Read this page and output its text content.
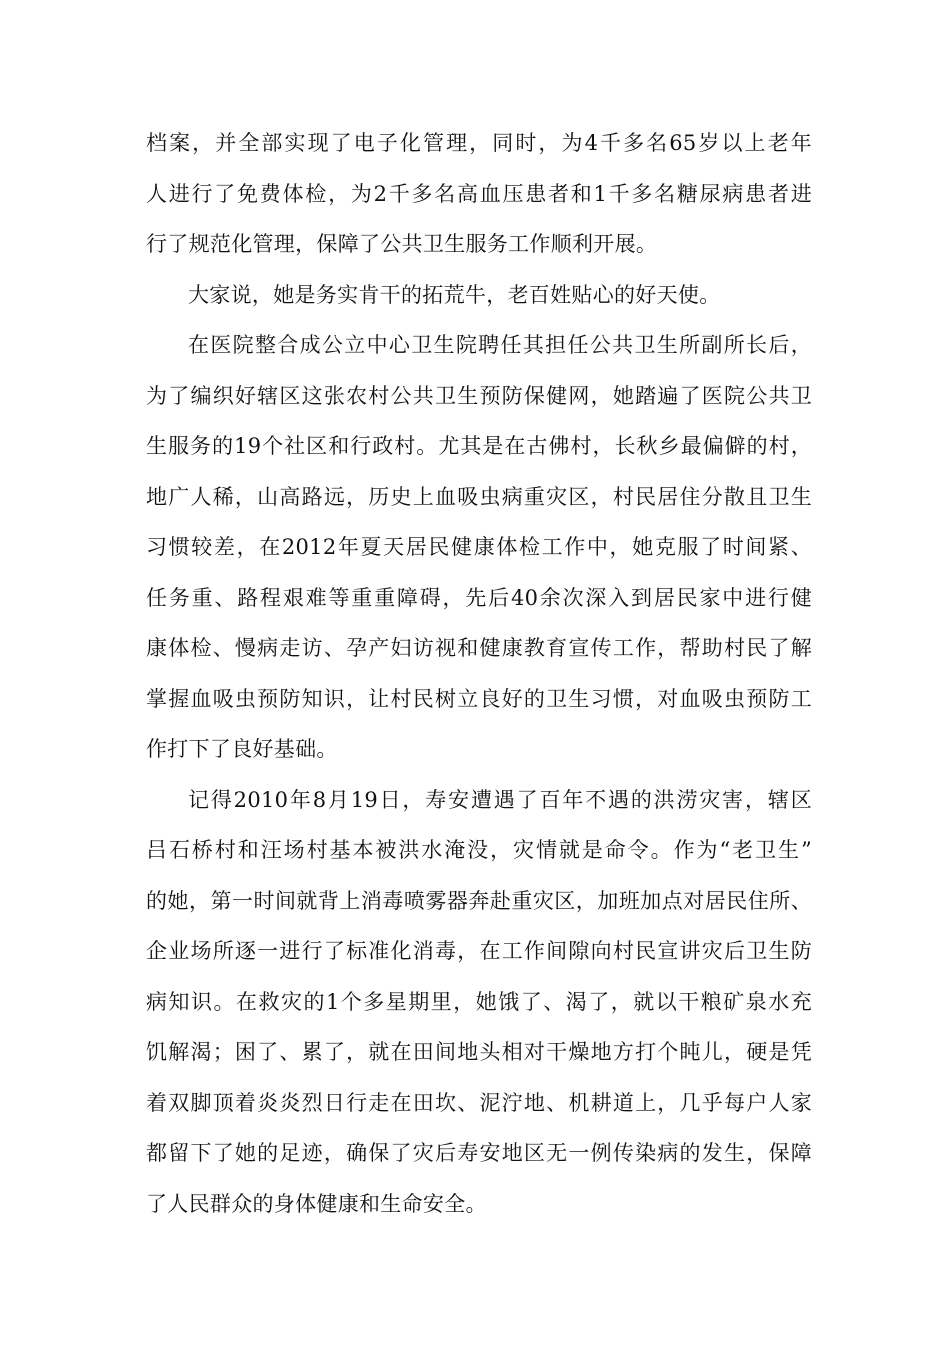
档案，并全部实现了电子化管理，同时，为4千多名65岁以上老年
人进行了免费体检，为2千多名高血压患者和1千多名糖尿病患者进
行了规范化管理，保障了公共卫生服务工作顺利开展。
大家说，她是务实肯干的拓荒牛，老百姓贴心的好天使。
在医院整合成公立中心卫生院聘任其担任公共卫生所副所长后，
为了编织好辖区这张农村公共卫生预防保健网，她踏遍了医院公共卫
生服务的19个社区和行政村。尤其是在古佛村，长秋乡最偏僻的村，
地广人稀，山高路远，历史上血吸虫病重灾区，村民居住分散且卫生
习惯较差，在2012年夏天居民健康体检工作中，她克服了时间紧、
任务重、路程艰难等重重障碍，先后40余次深入到居民家中进行健
康体检、慢病走访、孕产妇访视和健康教育宣传工作，帮助村民了解
掌握血吸虫预防知识，让村民树立良好的卫生习惯，对血吸虫预防工
作打下了良好基础。
记得2010年8月19日，寿安遭遇了百年不遇的洪涝灾害，辖区
吕石桥村和汪场村基本被洪水淹没，灾情就是命令。作为“老卫生”
的她，第一时间就背上消毒喷雾器奔赴重灾区，加班加点对居民住所、
企业场所逐一进行了标准化消毒，在工作间隙向村民宣讲灾后卫生防
病知识。在救灾的1个多星期里，她饿了、渴了，就以干粮矿泉水充
饥解渴；困了、累了，就在田间地头相对干燥地方打个盹儿，硬是凭
着双脚顶着炎炎烈日行走在田坎、泥泞地、机耕道上，几乎每户人家
都留下了她的足迹，确保了灾后寿安地区无一例传染病的发生，保障
了人民群众的身体健康和生命安全。
